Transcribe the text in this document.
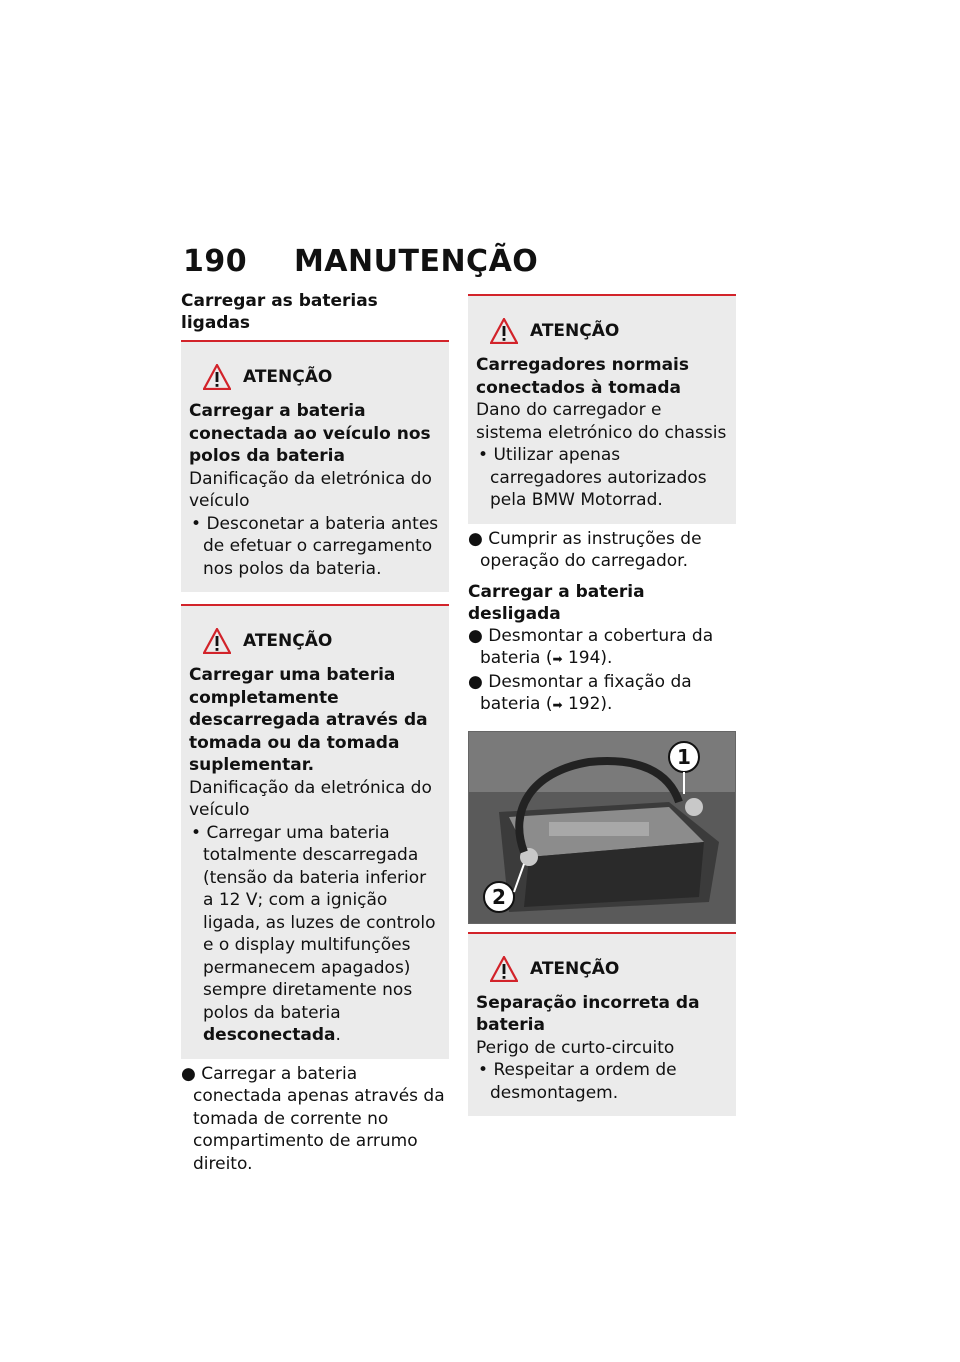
190 MANUTENÇÃO
Carregar as baterias ligadas
ATENÇÃO
Carregar a bateria conectada ao veículo nos polos da bateria
Danificação da eletrónica do veículo
• Desconetar a bateria antes de efetuar o carregamento nos polos da bateria.
ATENÇÃO
Carregar uma bateria completamente descarregada através da tomada ou da tomada suplementar.
Danificação da eletrónica do veículo
• Carregar uma bateria totalmente descarregada (tensão da bateria inferior a 12 V; com a ignição ligada, as luzes de controlo e o display multifunções permanecem apagados) sempre diretamente nos polos da bateria desconectada.
● Carregar a bateria conectada apenas através da tomada de corrente no compartimento de arrumo direito.
ATENÇÃO
Carregadores normais conectados à tomada
Dano do carregador e sistema eletrónico do chassis
• Utilizar apenas carregadores autorizados pela BMW Motorrad.
● Cumprir as instruções de operação do carregador.
Carregar a bateria desligada
● Desmontar a cobertura da bateria (➡ 194).
● Desmontar a fixação da bateria (➡ 192).
1
2
ATENÇÃO
Separação incorreta da bateria
Perigo de curto-circuito
• Respeitar a ordem de desmontagem.
